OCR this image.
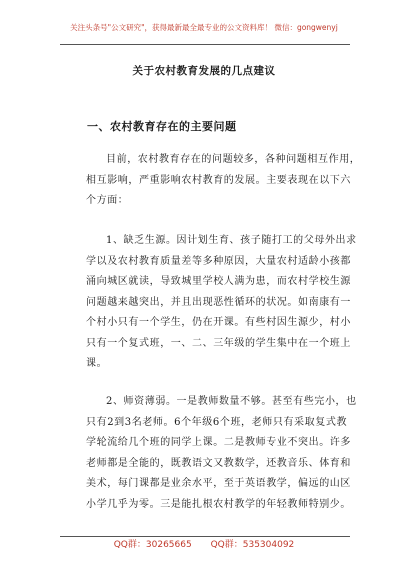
关注头条号"公文研究"，获得最新最全最专业的公文资料库！ 微信：gongwenyj
关于农村教育发展的几点建议
一、农村教育存在的主要问题
目前，农村教育存在的问题较多，各种问题相互作用，
相互影响，严重影响农村教育的发展。主要表现在以下六
个方面：
1、缺乏生源。因计划生育、孩子随打工的父母外出求
学以及农村教育质量差等多种原因，大量农村适龄小孩都
涌向城区就读，导致城里学校人满为患，而农村学校生源
问题越来越突出，并且出现恶性循环的状况。如南康有一
个村小只有一个学生，仍在开课。有些村因生源少，村小
只有一个复式班，一、二、三年级的学生集中在一个班上
课。
2、师资薄弱。一是教师数量不够。甚至有些完小，也
只有2到3名老师。6个年级6个班，老师只有采取复式教
学轮流给几个班的同学上课。二是教师专业不突出。许多
老师都是全能的，既教语文又教数学，还教音乐、体育和
美术，每门课都是业余水平，至于英语教学，偏远的山区
小学几乎为零。三是能扎根农村教学的年轻教师特别少。
QQ群：30265665 QQ群：535304092
